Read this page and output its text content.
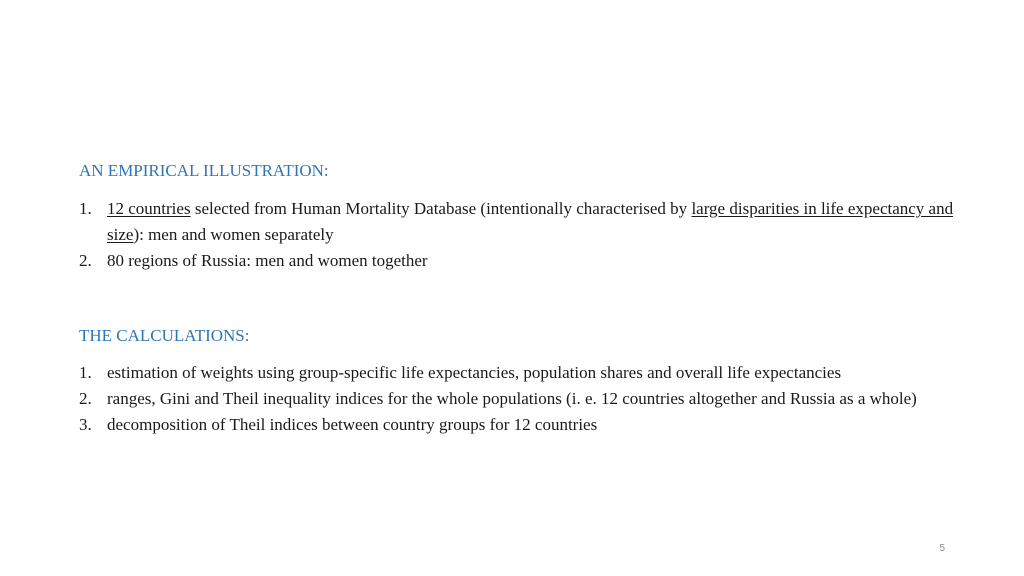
AN EMPIRICAL ILLUSTRATION:
1. 12 countries selected from Human Mortality Database (intentionally characterised by large disparities in life expectancy and size): men and women separately
2. 80 regions of Russia: men and women together
THE CALCULATIONS:
1. estimation of weights using group-specific life expectancies, population shares and overall life expectancies
2. ranges, Gini and Theil inequality indices for the whole populations (i. e. 12 countries altogether and Russia as a whole)
3. decomposition of Theil indices between country groups for 12 countries
5
